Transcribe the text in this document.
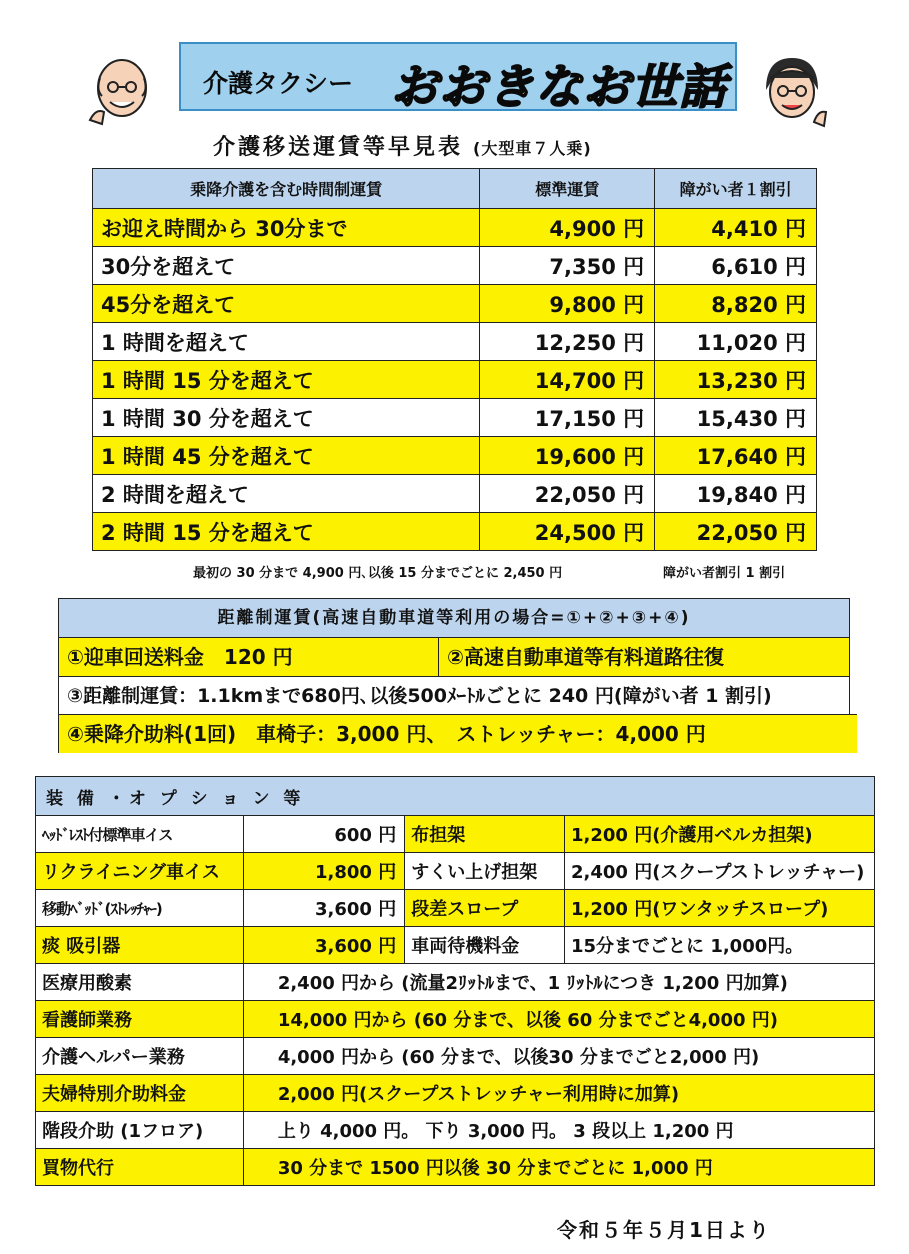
介護タクシー おおきなお世話
介護移送運賃等早見表 (大型車７人乗)
乗降介護を含む時間制運賃	標準運賃	障がい者１割引
お迎え時間から 30分まで	4,900 円	4,410 円
30分を超えて	7,350 円	6,610 円
45分を超えて	9,800 円	8,820 円
1 時間を超えて	12,250 円	11,020 円
1 時間 15 分を超えて	14,700 円	13,230 円
1 時間 30 分を超えて	17,150 円	15,430 円
1 時間 45 分を超えて	19,600 円	17,640 円
2 時間を超えて	22,050 円	19,840 円
2 時間 15 分を超えて	24,500 円	22,050 円
最初の 30 分まで 4,900 円､以後 15 分までごとに 2,450 円	障がい者割引 1 割引
距離制運賃(高速自動車道等利用の場合=①+②+③+④)
①迎車回送料金　120 円	②高速自動車道等有料道路往復
③距離制運賃：1.1kmまで680円､以後500ﾒｰﾄﾙごとに 240 円(障がい者 1 割引)
④乗降介助料(1回)　車椅子：3,000 円、　ストレッチャー：4,000 円
装 備 ・オ プ シ ョ ン 等			
ﾍｯﾄﾞﾚｽﾄ付標準車イス	600 円	布担架	1,200 円(介護用ベルカ担架)
リクライニング車イス	1,800 円	すくい上げ担架	2,400 円(スクープストレッチャー)
移動ﾍﾞｯﾄﾞ(ｽﾄﾚｯﾁｬｰ)	3,600 円	段差スロープ	1,200 円(ワンタッチスロープ)
痰 吸引器	3,600 円	車両待機料金	15分までごとに 1,000円。
医療用酸素	2,400 円から (流量2ﾘｯﾄﾙまで、1 ﾘｯﾄﾙにつき 1,200 円加算)		
看護師業務	14,000 円から (60 分まで、以後 60 分までごと4,000 円)		
介護ヘルパー業務	4,000 円から (60 分まで、以後30 分までごと2,000 円)		
夫婦特別介助料金	2,000 円(スクープストレッチャー利用時に加算)		
階段介助 (1フロア)	上り 4,000 円。 下り 3,000 円。 3 段以上 1,200 円		
買物代行	30 分まで 1500 円以後 30 分までごとに 1,000 円		
令和５年５月1日より
